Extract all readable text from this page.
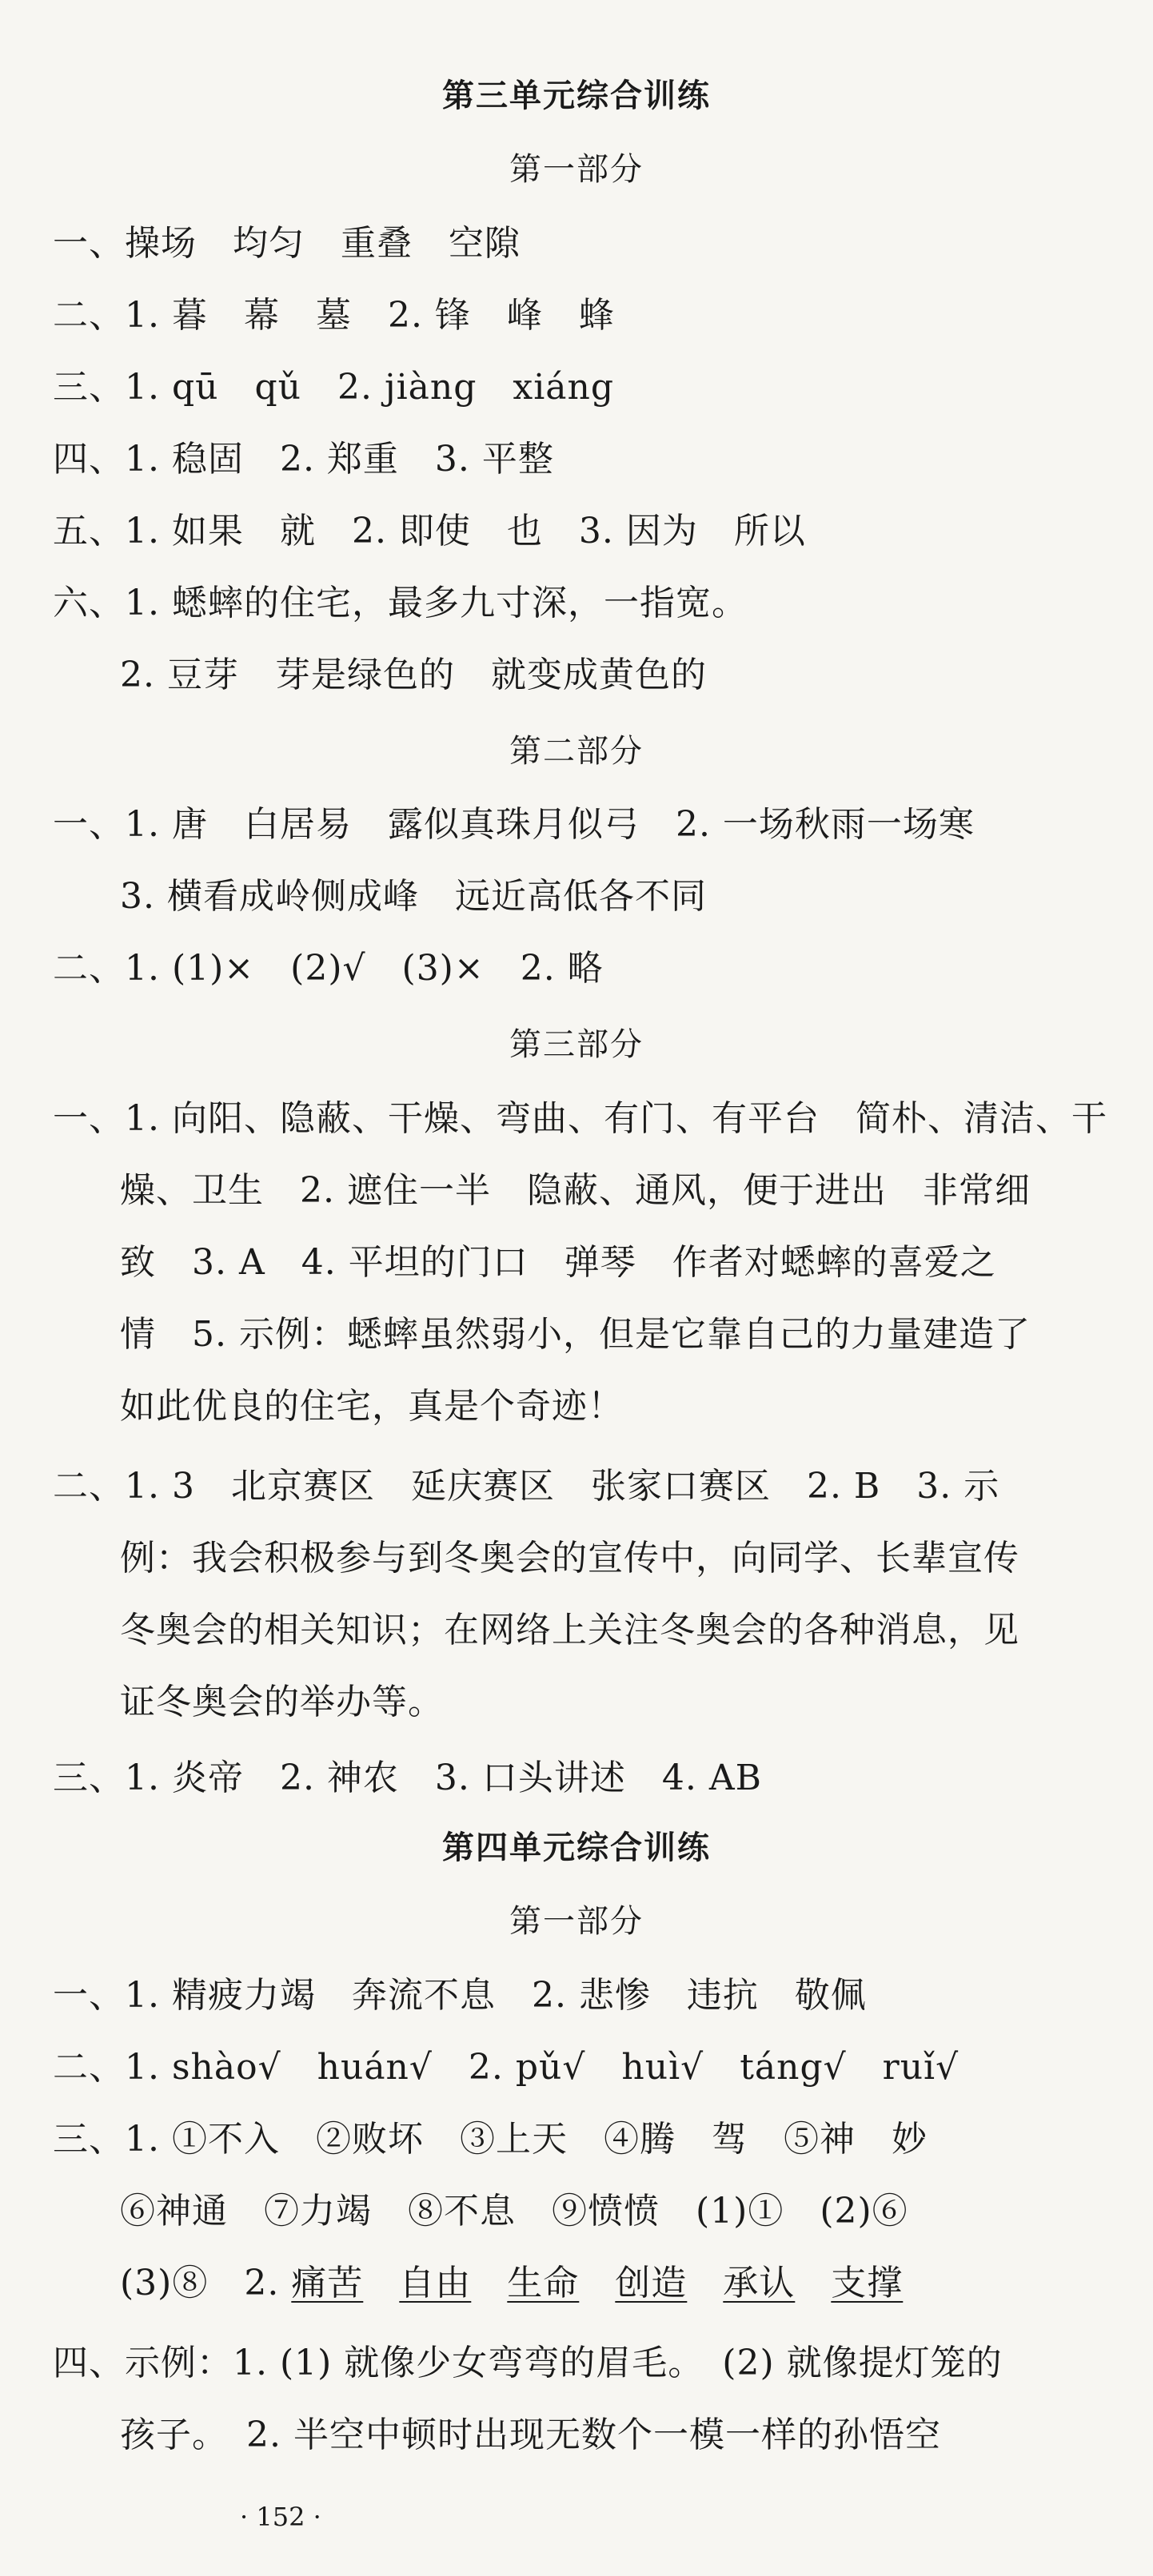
第三单元综合训练
第一部分
一、操场　均匀　重叠　空隙
二、1. 暮　幕　墓　2. 锋　峰　蜂
三、1. qū　qǔ　2. jiàng　xiáng
四、1. 稳固　2. 郑重　3. 平整
五、1. 如果　就　2. 即使　也　3. 因为　所以
六、1. 蟋蟀的住宅，最多九寸深，一指宽。
2. 豆芽　芽是绿色的　就变成黄色的
第二部分
一、1. 唐　白居易　露似真珠月似弓　2. 一场秋雨一场寒
3. 横看成岭侧成峰　远近高低各不同
二、1. (1)×　(2)√　(3)×　2. 略
第三部分
一、1. 向阳、隐蔽、干燥、弯曲、有门、有平台　简朴、清洁、干
燥、卫生　2. 遮住一半　隐蔽、通风，便于进出　非常细
致　3. A　4. 平坦的门口　弹琴　作者对蟋蟀的喜爱之
情　5. 示例：蟋蟀虽然弱小，但是它靠自己的力量建造了
如此优良的住宅，真是个奇迹！
二、1. 3　北京赛区　延庆赛区　张家口赛区　2. B　3. 示
例：我会积极参与到冬奥会的宣传中，向同学、长辈宣传
冬奥会的相关知识；在网络上关注冬奥会的各种消息，见
证冬奥会的举办等。
三、1. 炎帝　2. 神农　3. 口头讲述　4. AB
第四单元综合训练
第一部分
一、1. 精疲力竭　奔流不息　2. 悲惨　违抗　敬佩
二、1. shào√　huán√　2. pǔ√　huì√　táng√　ruǐ√
三、1. ①不入　②败坏　③上天　④腾　驾　⑤神　妙
⑥神通　⑦力竭　⑧不息　⑨愤愤　(1)①　(2)⑥
(3)⑧　2. 痛苦　 自由　 生命　 创造　 承认　 支撑
四、示例：1. (1) 就像少女弯弯的眉毛。　(2) 就像提灯笼的
孩子。　2. 半空中顿时出现无数个一模一样的孙悟空
· 152 ·
